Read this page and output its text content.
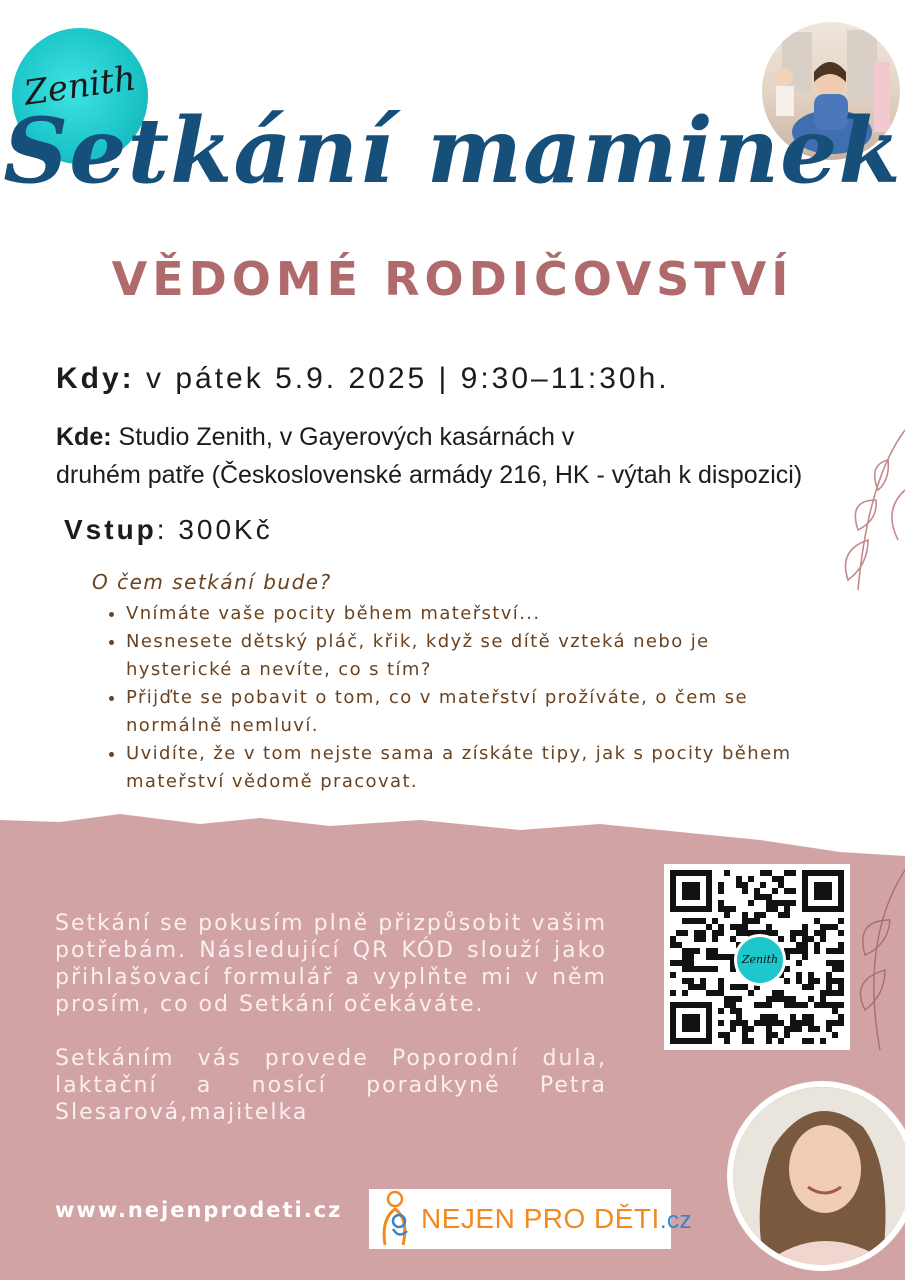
Zenith
Setkání maminek
VĚDOMÉ RODIČOVSTVÍ
Kdy: v pátek 5.9. 2025 | 9:30–11:30h.
Kde: Studio Zenith, v Gayerových kasárnách v
druhém patře (Československé armády 216, HK - výtah k dispozici)
Vstup: 300Kč
O čem setkání bude?
• Vnímáte vaše pocity během mateřství...
• Nesnesete dětský pláč, křik, když se dítě vzteká nebo je hysterické a nevíte, co s tím?
• Přijďte se pobavit o tom, co v mateřství prožíváte, o čem se normálně nemluví.
• Uvidíte, že v tom nejste sama a získáte tipy, jak s pocity během mateřství vědomě pracovat.

Setkání se pokusím plně přizpůsobit vašim potřebám. Následující QR KÓD slouží jako přihlašovací formulář a vyplňte mi v něm prosím, co od Setkání očekáváte.

Setkáním vás provede Poporodní dula, laktační a nosící poradkyně Petra Slesarová,majitelka

www.nejenprodeti.cz
Zenith
NEJEN PRO DĚTI.cz
